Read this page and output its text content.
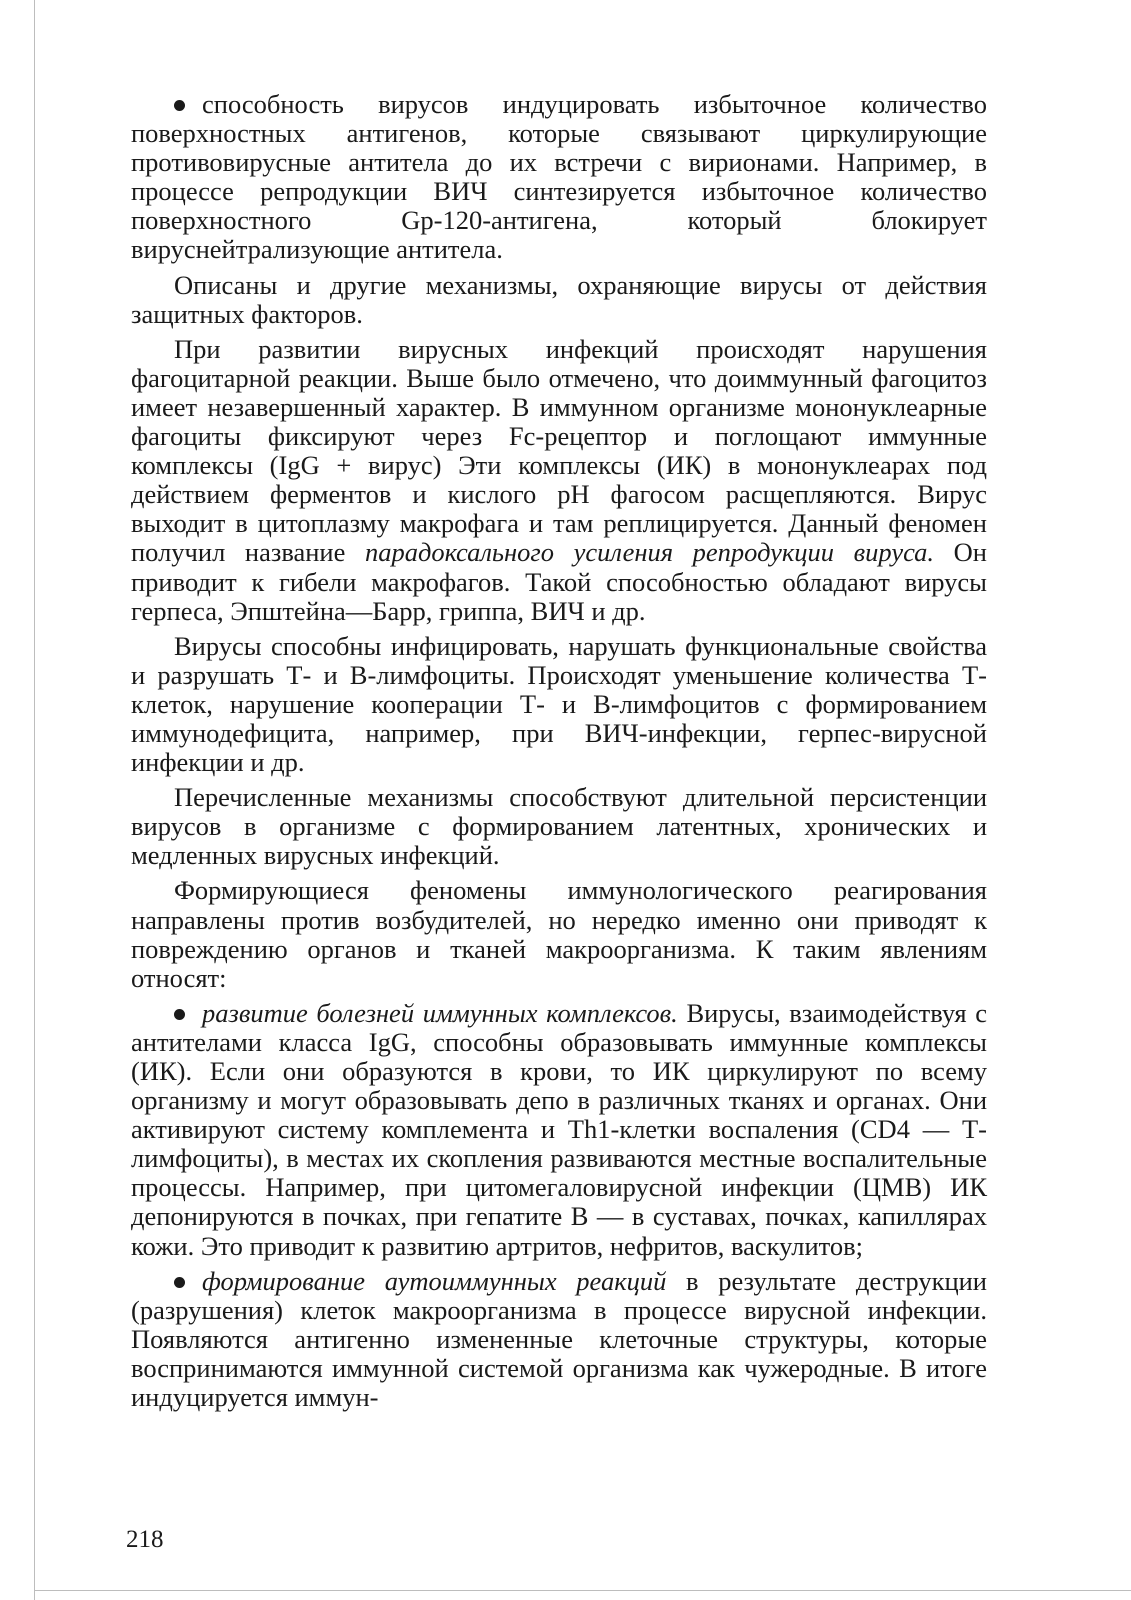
способность вирусов индуцировать избыточное количество поверхностных антигенов, которые связывают циркулирующие противовирусные антитела до их встречи с вирионами. Например, в процессе репродукции ВИЧ синтезируется избыточное количество поверхностного Gp-120-антигена, который блокирует вируснейтрализующие антитела.

Описаны и другие механизмы, охраняющие вирусы от действия защитных факторов.

При развитии вирусных инфекций происходят нарушения фагоцитарной реакции. Выше было отмечено, что доиммунный фагоцитоз имеет незавершенный характер. В иммунном организме мононуклеарные фагоциты фиксируют через Fc-рецептор и поглощают иммунные комплексы (IgG + вирус) Эти комплексы (ИК) в мононуклеарах под действием ферментов и кислого pH фагосом расщепляются. Вирус выходит в цитоплазму макрофага и там реплицируется. Данный феномен получил название парадоксального усиления репродукции вируса. Он приводит к гибели макрофагов. Такой способностью обладают вирусы герпеса, Эпштейна—Барр, гриппа, ВИЧ и др.

Вирусы способны инфицировать, нарушать функциональные свойства и разрушать Т- и В-лимфоциты. Происходят уменьшение количества Т-клеток, нарушение кооперации Т- и В-лимфоцитов с формированием иммунодефицита, например, при ВИЧ-инфекции, герпес-вирусной инфекции и др.

Перечисленные механизмы способствуют длительной персистенции вирусов в организме с формированием латентных, хронических и медленных вирусных инфекций.

Формирующиеся феномены иммунологического реагирования направлены против возбудителей, но нередко именно они приводят к повреждению органов и тканей макроорганизма. К таким явлениям относят:

развитие болезней иммунных комплексов. Вирусы, взаимодействуя с антителами класса IgG, способны образовывать иммунные комплексы (ИК). Если они образуются в крови, то ИК циркулируют по всему организму и могут образовывать депо в различных тканях и органах. Они активируют систему комплемента и Th1-клетки воспаления (CD4 — Т-лимфоциты), в местах их скопления развиваются местные воспалительные процессы. Например, при цитомегаловирусной инфекции (ЦМВ) ИК депонируются в почках, при гепатите В — в суставах, почках, капиллярах кожи. Это приводит к развитию артритов, нефритов, васкулитов;

формирование аутоиммунных реакций в результате деструкции (разрушения) клеток макроорганизма в процессе вирусной инфекции. Появляются антигенно измененные клеточные структуры, которые воспринимаются иммунной системой организма как чужеродные. В итоге индуцируется иммун-

218
